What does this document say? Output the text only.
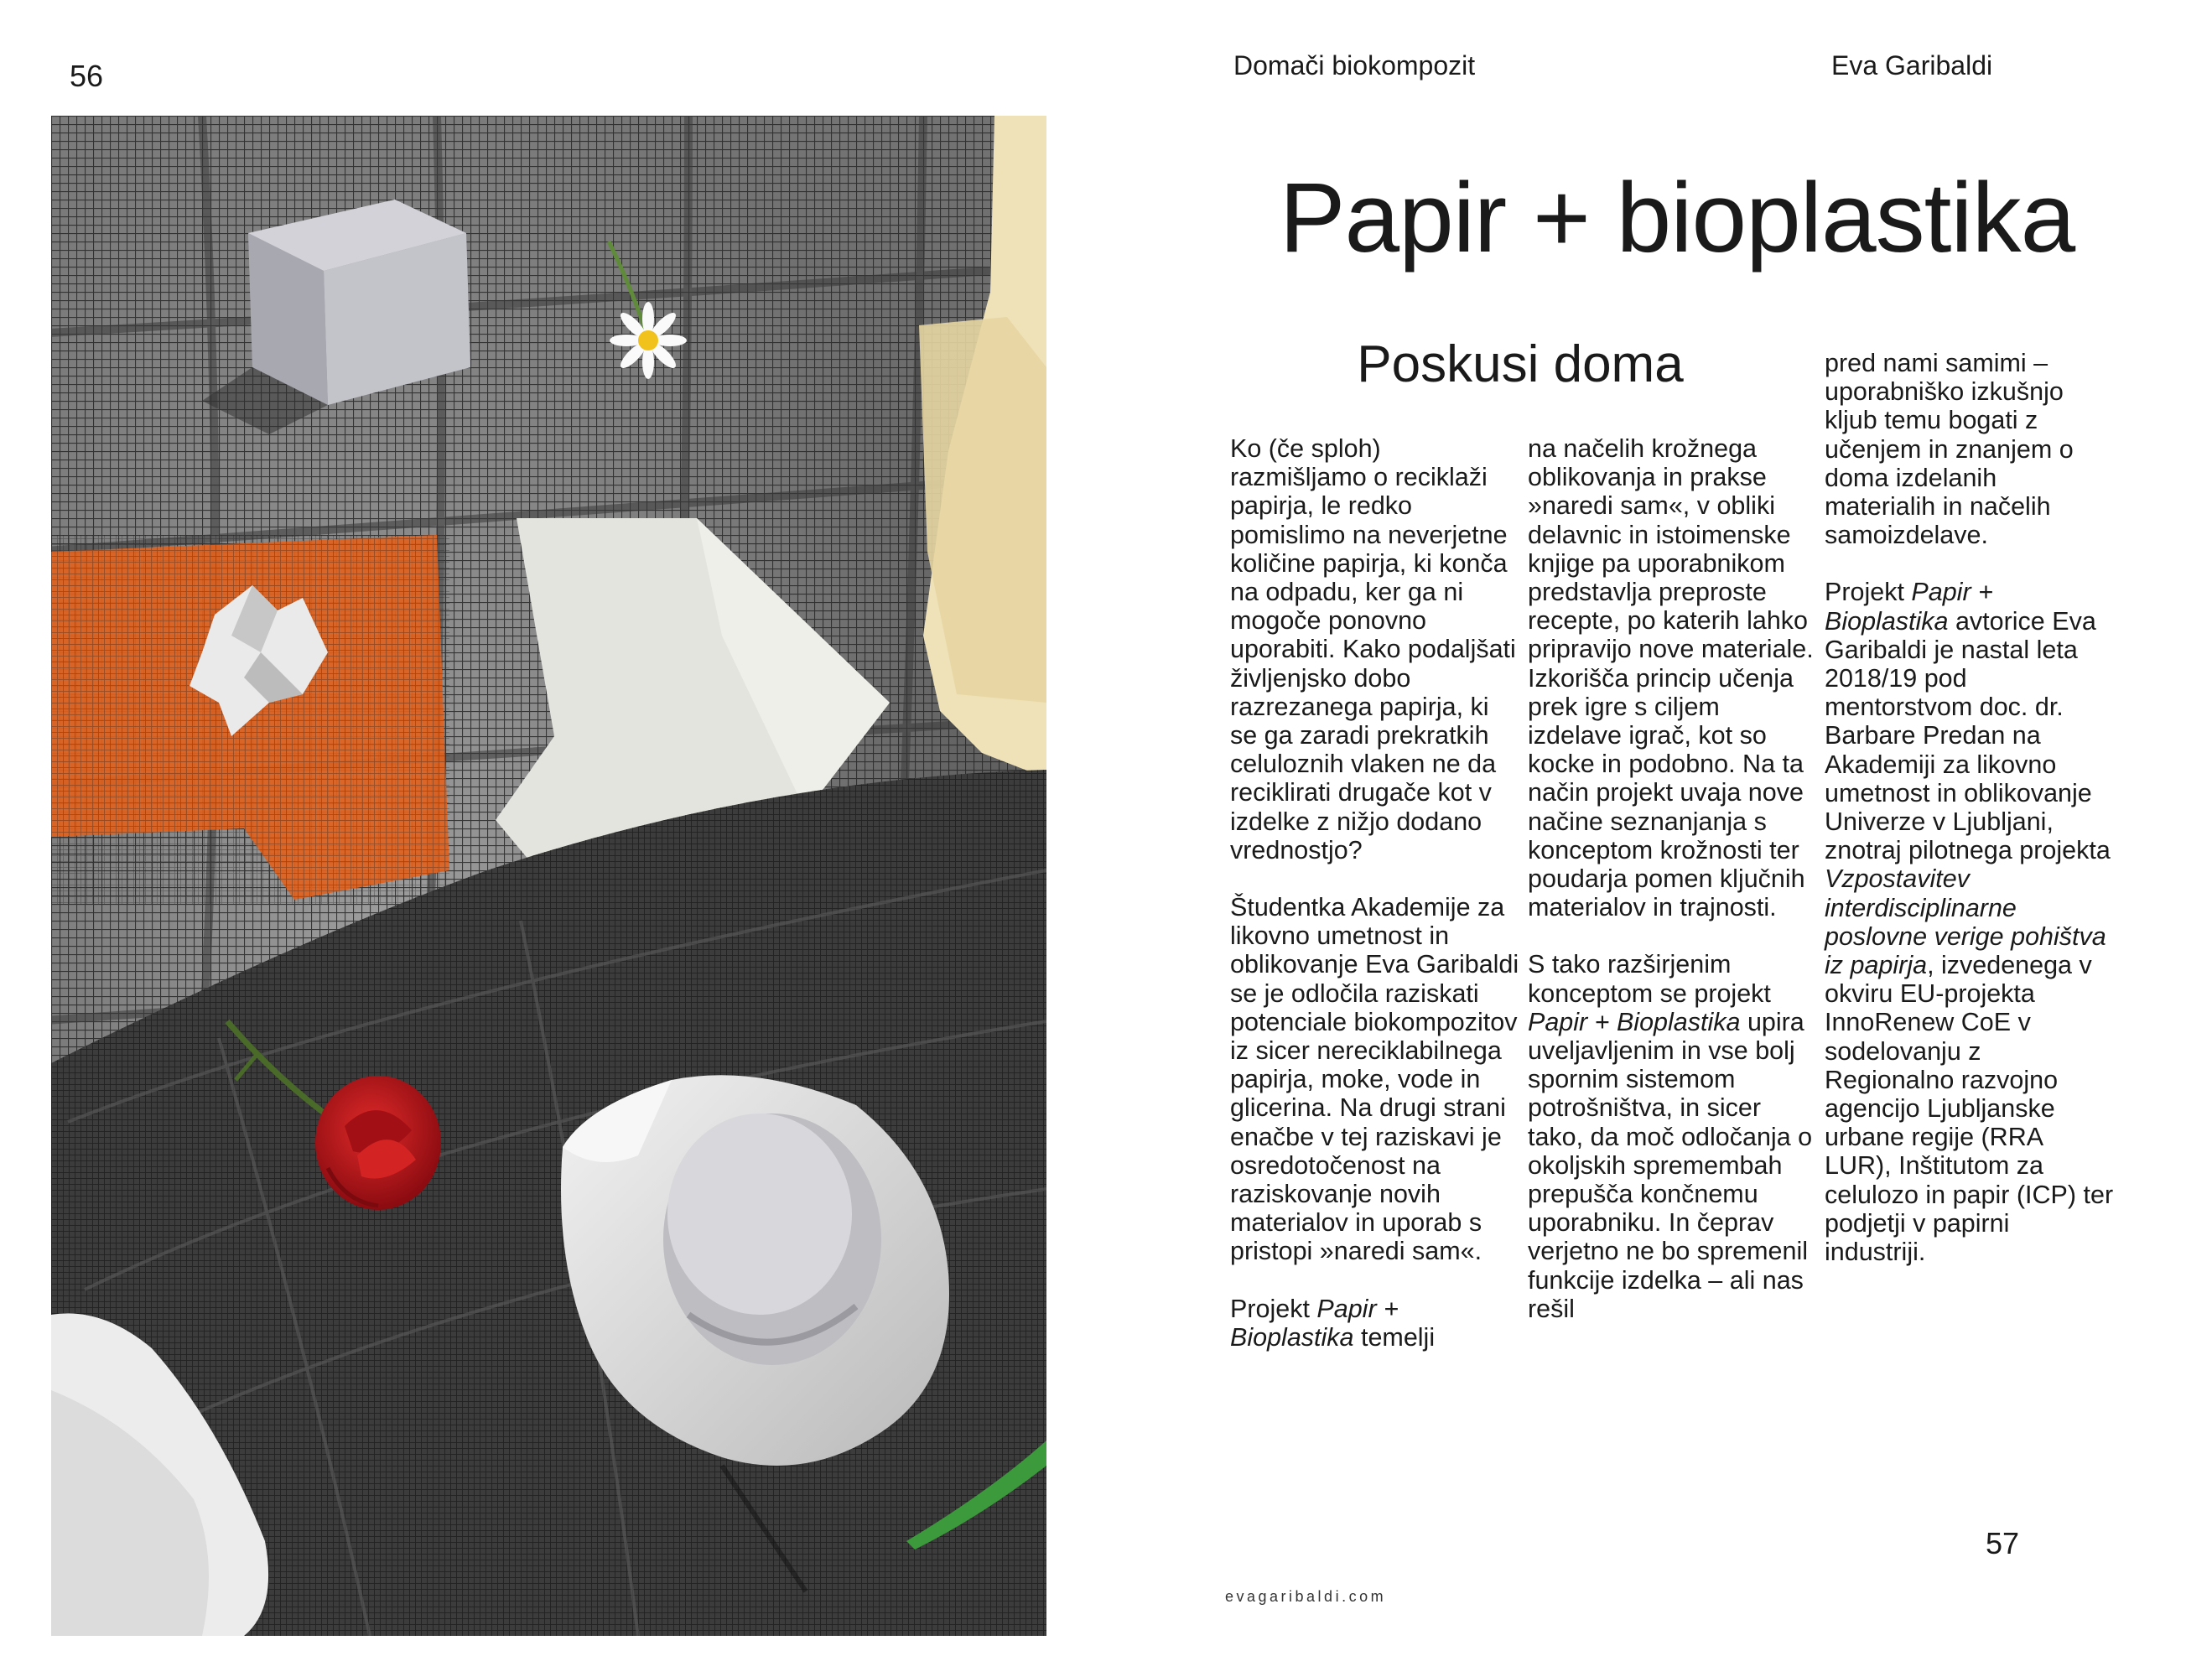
56	Domači biokompozit	Eva Garibaldi
Papir + bioplastika
Poskusi doma

Ko (če sploh) razmišljamo o reciklaži papirja, le redko pomislimo na neverjetne količine papirja, ki konča na odpadu, ker ga ni mogoče ponovno uporabiti. Kako podaljšati življenjsko dobo razrezanega papirja, ki se ga zaradi prekratkih celuloznih vlaken ne da reciklirati drugače kot v izdelke z nižjo dodano vrednostjo?

Študentka Akademije za likovno umetnost in oblikovanje Eva Garibaldi se je odločila raziskati potenciale biokompozitov iz sicer nereciklabilnega papirja, moke, vode in glicerina. Na drugi strani enačbe v tej raziskavi je osredotočenost na raziskovanje novih materialov in uporab s pristopi »naredi sam«.

Projekt Papir + Bioplastika temelji

na načelih krožnega oblikovanja in prakse »naredi sam«, v obliki delavnic in istoimenske knjige pa uporabnikom predstavlja preproste recepte, po katerih lahko pripravijo nove materiale. Izkorišča princip učenja prek igre s ciljem izdelave igrač, kot so kocke in podobno. Na ta način projekt uvaja nove načine seznanjanja s konceptom krožnosti ter poudarja pomen ključnih materialov in trajnosti.

S tako razširjenim konceptom se projekt Papir + Bioplastika upira uveljavljenim in vse bolj spornim sistemom potrošništva, in sicer tako, da moč odločanja o okoljskih spremembah prepušča končnemu uporabniku. In čeprav verjetno ne bo spremenil funkcije izdelka – ali nas rešil

pred nami samimi – uporabniško izkušnjo kljub temu bogati z učenjem in znanjem o doma izdelanih materialih in načelih samoizdelave.

Projekt Papir + Bioplastika avtorice Eva Garibaldi je nastal leta 2018/19 pod mentorstvom doc. dr. Barbare Predan na Akademiji za likovno umetnost in oblikovanje Univerze v Ljubljani, znotraj pilotnega projekta Vzpostavitev interdisciplinarne poslovne verige pohištva iz papirja, izvedenega v okviru EU-projekta InnoRenew CoE v sodelovanju z Regionalno razvojno agencijo Ljubljanske urbane regije (RRA LUR), Inštitutom za celulozo in papir (ICP) ter podjetji v papirni industriji.

57
evagaribaldi.com
